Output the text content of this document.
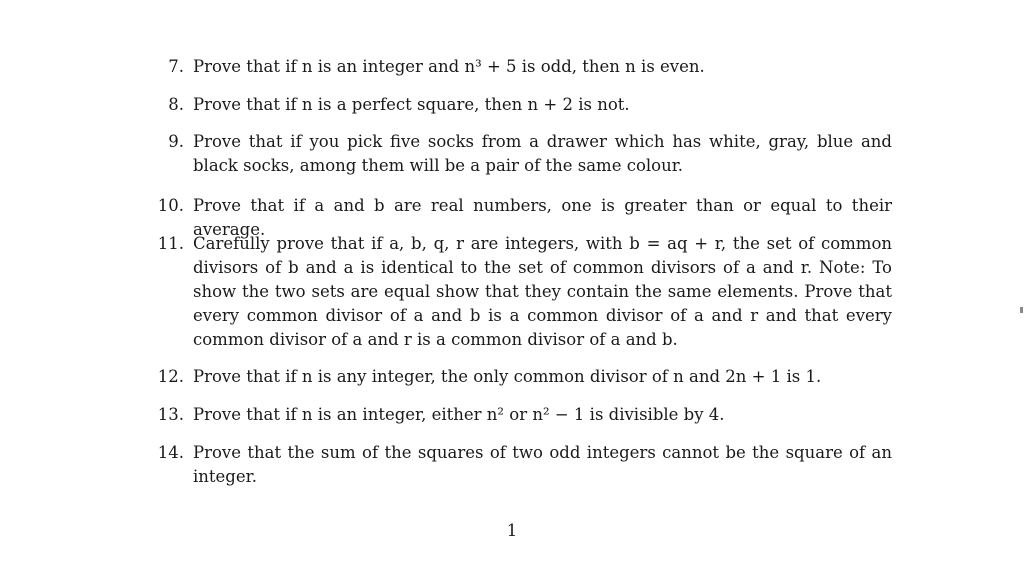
7. Prove that if n is an integer and n³ + 5 is odd, then n is even.
8. Prove that if n is a perfect square, then n + 2 is not.
9. Prove that if you pick five socks from a drawer which has white, gray, blue and black socks, among them will be a pair of the same colour.
10. Prove that if a and b are real numbers, one is greater than or equal to their average.
11. Carefully prove that if a, b, q, r are integers, with b = aq + r, the set of common divisors of b and a is identical to the set of common divisors of a and r. Note: To show the two sets are equal show that they contain the same elements. Prove that every common divisor of a and b is a common divisor of a and r and that every common divisor of a and r is a common divisor of a and b.
12. Prove that if n is any integer, the only common divisor of n and 2n + 1 is 1.
13. Prove that if n is an integer, either n² or n² − 1 is divisible by 4.
14. Prove that the sum of the squares of two odd integers cannot be the square of an integer.
1
